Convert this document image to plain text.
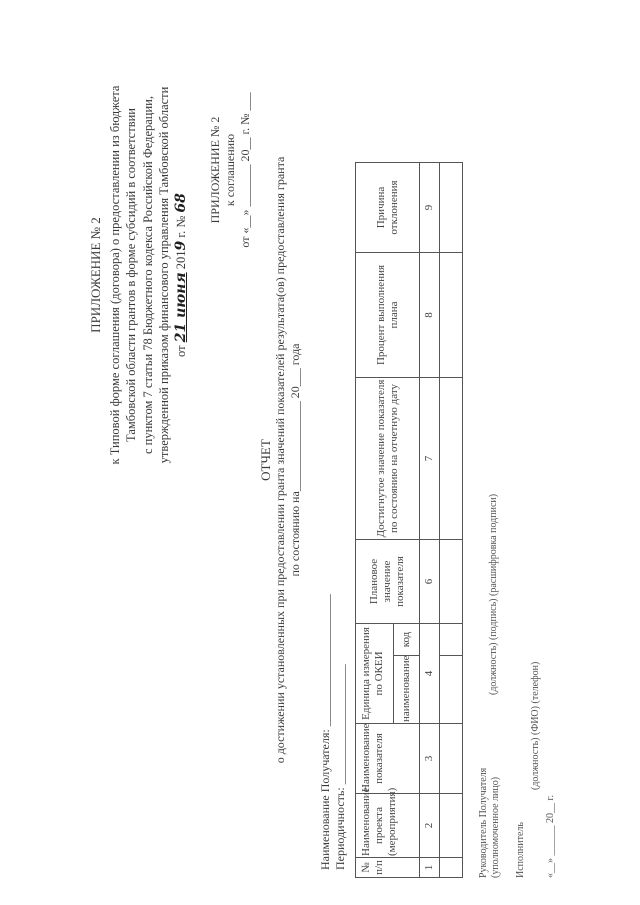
ПРИЛОЖЕНИЕ № 2 к Типовой форме соглашения (договора) о предоставлении из бюджета Тамбовской области грантов в форме субсидий в соответствии с пунктом 7 статьи 78 Бюджетного кодекса Российской Федерации, утвержденной приказом финансового управления Тамбовской области от 21 июня 2019 г. № 68 ПРИЛОЖЕНИЕ № 2 к соглашению от «__» _______ 20__ г. № ___
ОТЧЕТ о достижении установленных при предоставлении гранта значений показателей результата(ов) предоставления гранта по состоянию на_______________ 20___ года
Наименование Получателя: ______________________ Периодичность: ____________________ № п/п	Наименование проекта (мероприятия)	Наименование показателя	Единица измерения по ОКЕИ		Плановое значение показателя	Достигнутое значение показателя по состоянию на отчетную дату	Процент выполнения плана	Причина отклонения	
			наименование	код					
1	2	3	4		6	7	8	9	

Руководитель Получателя (уполномоченное лицо)
(должность) (подпись) (расшифровка подписи)
Исполнитель
(должность) (ФИО) (телефон)
«__» ______ 20__ г.
